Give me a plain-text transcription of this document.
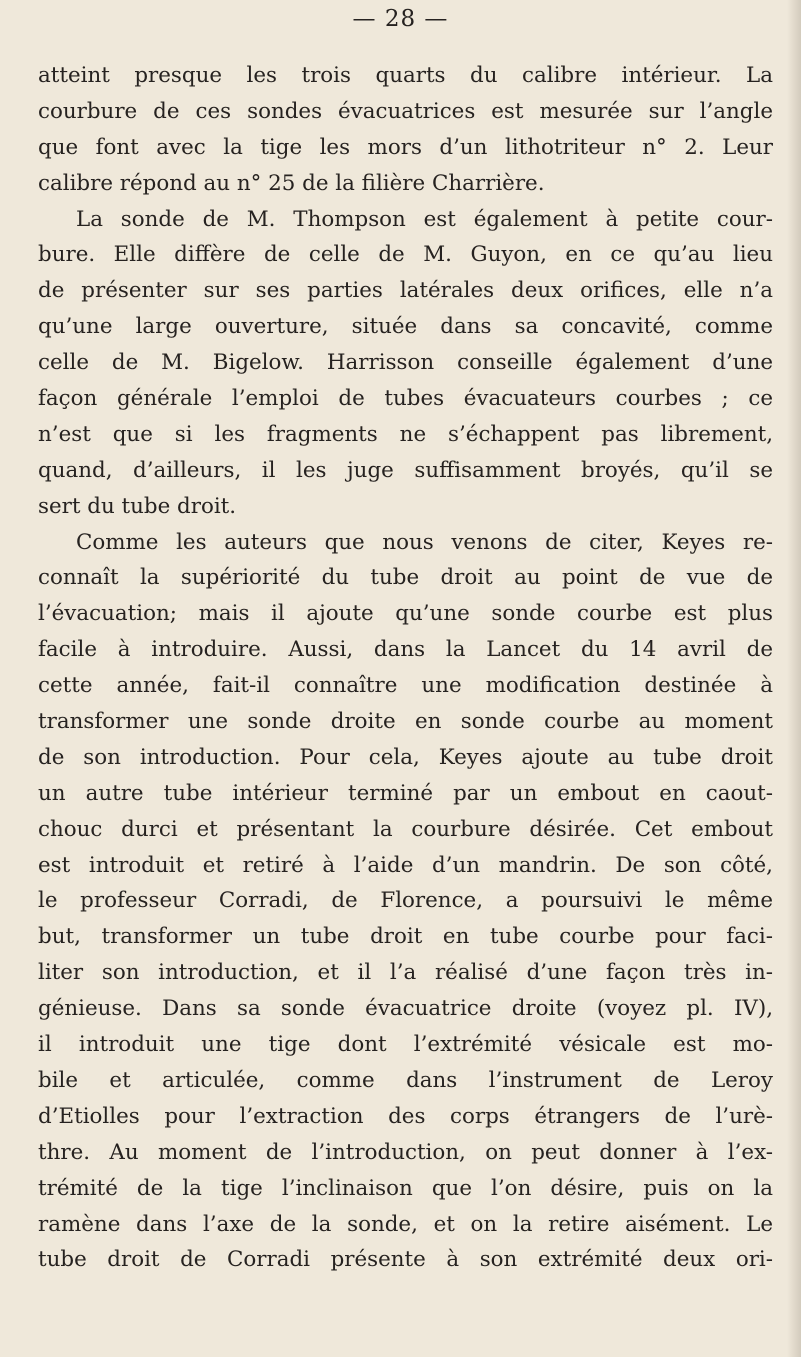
— 28 —
atteint presque les trois quarts du calibre intérieur. La
courbure de ces sondes évacuatrices est mesurée sur l’angle
que font avec la tige les mors d’un lithotriteur n° 2. Leur
calibre répond au n° 25 de la filière Charrière.
La sonde de M. Thompson est également à petite cour-
bure. Elle diffère de celle de M. Guyon, en ce qu’au lieu
de présenter sur ses parties latérales deux orifices, elle n’a
qu’une large ouverture, située dans sa concavité, comme
celle de M. Bigelow. Harrisson conseille également d’une
façon générale l’emploi de tubes évacuateurs courbes ; ce
n’est que si les fragments ne s’échappent pas librement,
quand, d’ailleurs, il les juge suffisamment broyés, qu’il se
sert du tube droit.
Comme les auteurs que nous venons de citer, Keyes re-
connaît la supériorité du tube droit au point de vue de
l’évacuation; mais il ajoute qu’une sonde courbe est plus
facile à introduire. Aussi, dans la Lancet du 14 avril de
cette année, fait-il connaître une modification destinée à
transformer une sonde droite en sonde courbe au moment
de son introduction. Pour cela, Keyes ajoute au tube droit
un autre tube intérieur terminé par un embout en caout-
chouc durci et présentant la courbure désirée. Cet embout
est introduit et retiré à l’aide d’un mandrin. De son côté,
le professeur Corradi, de Florence, a poursuivi le même
but, transformer un tube droit en tube courbe pour faci-
liter son introduction, et il l’a réalisé d’une façon très in-
génieuse. Dans sa sonde évacuatrice droite (voyez pl. IV),
il introduit une tige dont l’extrémité vésicale est mo-
bile et articulée, comme dans l’instrument de Leroy
d’Etiolles pour l’extraction des corps étrangers de l’urè-
thre. Au moment de l’introduction, on peut donner à l’ex-
trémité de la tige l’inclinaison que l’on désire, puis on la
ramène dans l’axe de la sonde, et on la retire aisément. Le
tube droit de Corradi présente à son extrémité deux ori-
